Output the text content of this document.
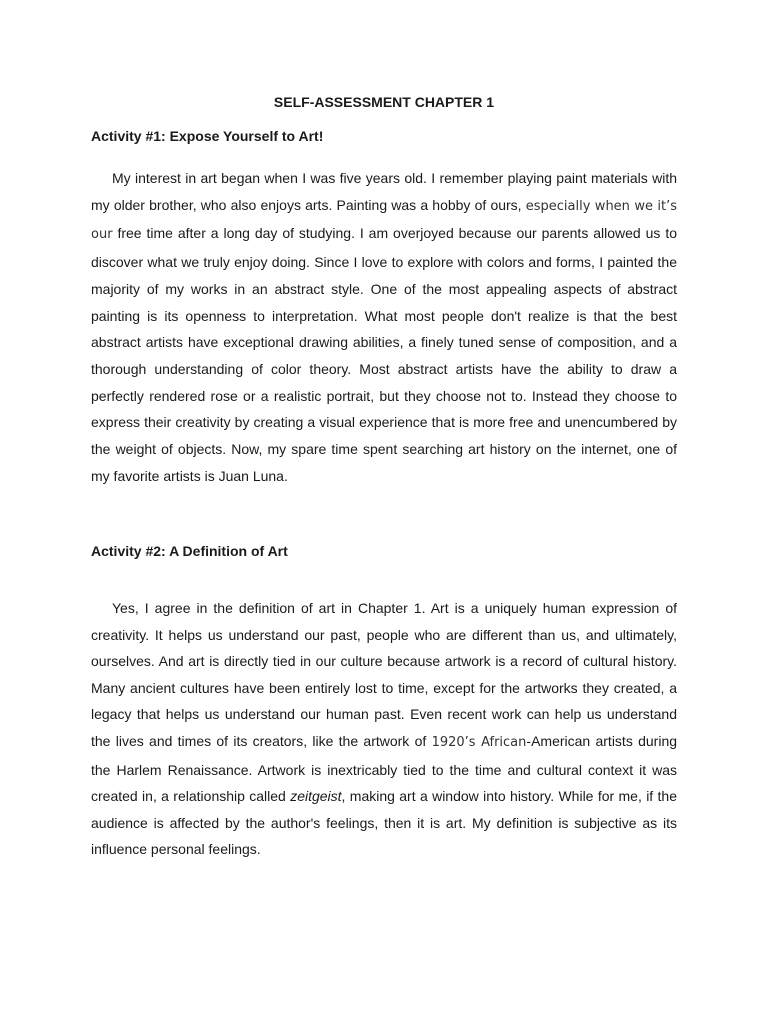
SELF-ASSESSMENT CHAPTER 1
Activity #1: Expose Yourself to Art!

My interest in art began when I was five years old. I remember playing paint materials with my older brother, who also enjoys arts. Painting was a hobby of ours, especially when we it’s our free time after a long day of studying. I am overjoyed because our parents allowed us to discover what we truly enjoy doing. Since I love to explore with colors and forms, I painted the majority of my works in an abstract style. One of the most appealing aspects of abstract painting is its openness to interpretation. What most people don't realize is that the best abstract artists have exceptional drawing abilities, a finely tuned sense of composition, and a thorough understanding of color theory. Most abstract artists have the ability to draw a perfectly rendered rose or a realistic portrait, but they choose not to. Instead they choose to express their creativity by creating a visual experience that is more free and unencumbered by the weight of objects. Now, my spare time spent searching art history on the internet, one of my favorite artists is Juan Luna.

Activity #2: A Definition of Art

Yes, I agree in the definition of art in Chapter 1. Art is a uniquely human expression of creativity. It helps us understand our past, people who are different than us, and ultimately, ourselves. And art is directly tied in our culture because artwork is a record of cultural history. Many ancient cultures have been entirely lost to time, except for the artworks they created, a legacy that helps us understand our human past. Even recent work can help us understand the lives and times of its creators, like the artwork of 1920’s African-American artists during the Harlem Renaissance. Artwork is inextricably tied to the time and cultural context it was created in, a relationship called zeitgeist, making art a window into history. While for me, if the audience is affected by the author's feelings, then it is art. My definition is subjective as its influence personal feelings.
